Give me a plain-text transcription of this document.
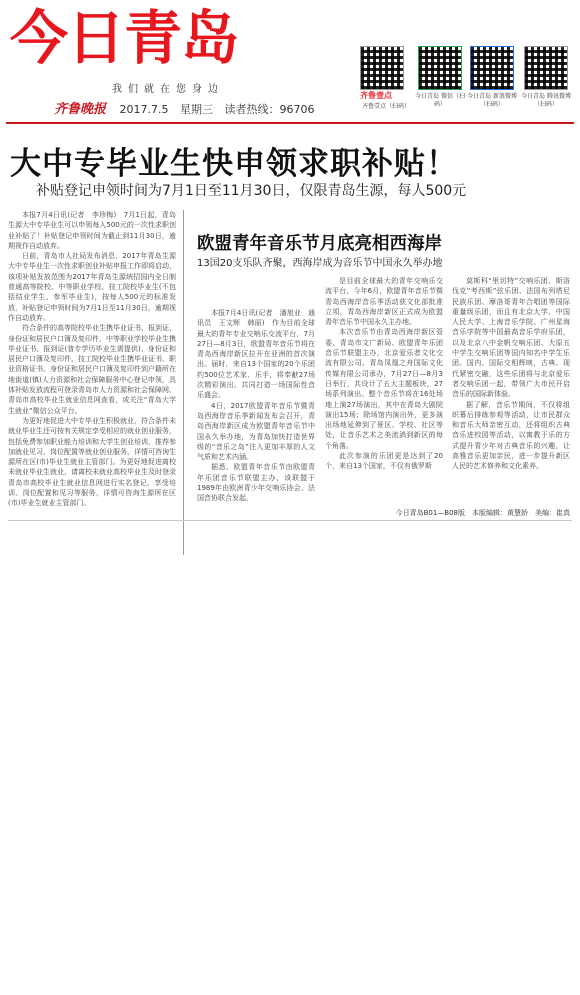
今日青岛
我们就在您身边
齐鲁晚报 2017.7.5 星期三 读者热线：96706
齐鲁壹点
齐鲁壹点（扫码）
今日青岛 微信（扫码）
今日青岛 新浪微博（扫码）
今日青岛 腾讯微博（扫码）
大中专毕业生快申领求职补贴！
补贴登记申领时间为7月1日至11月30日，仅限青岛生源，每人500元

本报7月4日讯(记者　李珍梅)　7月1日起，青岛生源大中专毕业生可以申领每人500元的一次性求职创业补贴了！补贴登记申领时间为截止到11月30日，逾期视作自动放弃。

日前，青岛市人社局发布消息，2017年青岛生源大中专毕业生一次性求职创业补贴申报工作即将启动，该项补贴发放范围为2017年青岛生源统招国内全日制普通高等院校、中等职业学校、技工院校毕业生(不包括结业学生、参军毕业生)，按每人500元的标准发放，补贴登记申领时间为7月1日至11月30日，逾期视作自动放弃。

符合条件的高等院校毕业生携毕业证书、报到证、身份证和居民户口簿及复印件，中等职业学校毕业生携毕业证书、报到证(普专学历毕业生需提供)、身份证和居民户口簿及复印件，技工院校毕业生携毕业证书、职业资格证书、身份证和居民户口簿及复印件到户籍所在地街道(镇)人力资源和社会保障服务中心登记申领，具体补贴发放流程可登录青岛市人力资源和社会保障网、青岛市高校毕业生就业信息网查看，或关注“青岛大学生就业”微信公众平台。

为更好地促进大中专毕业生积极就业，符合条件未就业毕业生还可按有关规定享受相应的就业创业服务，包括免费参加职业能力培训和大学生创业培训，推荐参加就业见习、岗位配置等就业创业服务，详情可咨询生源所在区(市)毕业生就业主管部门。为更好地促进离校未就业毕业生就业，请离校未就业高校毕业生及时登录青岛市高校毕业生就业信息网进行实名登记，享受培训、岗位配置和见习等服务，详情可咨询生源所在区(市)毕业生就业主管部门。

欧盟青年音乐节月底亮相西海岸
13国20支乐队齐聚，西海岸成为音乐节中国永久举办地

本报7月4日讯(记者　潘旭业　通讯员　王文辉　韩丽)　作为目前全球最大的青年专业交响乐交流平台，7月27日—8月3日，欧盟青年音乐节将在青岛西海岸新区拉开在亚洲的首次演出。届时，来自13个国家的20个乐团约500位艺术家、乐手，将奉献27场次精彩演出。共同打造一场国际性音乐盛会。

4日，2017欧盟青年音乐节暨青岛西海岸音乐季新闻发布会召开，青岛西海岸新区成为欧盟青年音乐节中国永久举办地，为青岛加快打造世界级的“音乐之岛”注入更加丰厚的人文气质和艺术内涵。

据悉，欧盟青年音乐节由欧盟青年乐团音乐节联盟主办，该联盟于1989年由欧洲青少年交响乐协会、法国音协联合发起，

是目前全球最大的青年交响乐交流平台，今年6月，欧盟青年音乐节暨青岛西海岸音乐季活动获文化部批准立项，青岛西海岸新区正式成为欧盟青年音乐节中国永久主办地。

本次音乐节由青岛西海岸新区管委、青岛市文广新局、欧盟青年乐团音乐节联盟主办，北京爱乐者文化交流有限公司、青岛凤凰之舟国际文化传媒有限公司承办，7月27日—8月3日举行，共设计了五大主题板块，27场系列演出。整个音乐节将在16处场地上演27场演出，其中在青岛大剧院演出15场；除场馆内演出外，更多演出场地延伸到了景区、学校、社区等处，让音乐艺术之美流淌到新区的每个角落。

此次参演的乐团更是达到了20个，来自13个国家，不仅有俄罗斯

莫斯科“里切特”交响乐团、斯洛伐克“考西斯”弦乐团、法国布列塔尼民族乐团、摩洛哥青年合唱团等国际重量级乐团，而且有北京大学、中国人民大学、上海音乐学院、广州星海音乐学院等中国最高音乐学府乐团，以及北京八中金帆交响乐团、大原五中学生交响乐团等国内知名中学生乐团。国内、国际交相辉映，古典、现代紧密交融，这些乐团将与北京爱乐者交响乐团一起，带领广大市民开启音乐的国际新体验。

据了解，音乐节期间，不仅将组织幕后排练参观等活动，让市民群众和音乐大师亲密互动，还将组织古典音乐进校园等活动，以寓教于乐的方式提升青少年对古典音乐的兴趣，让高雅音乐更加亲民，进一步提升新区人民的艺术修养和文化素养。

今日青岛B01—B08版　本版编辑：黄慧娇　美编：崔真
